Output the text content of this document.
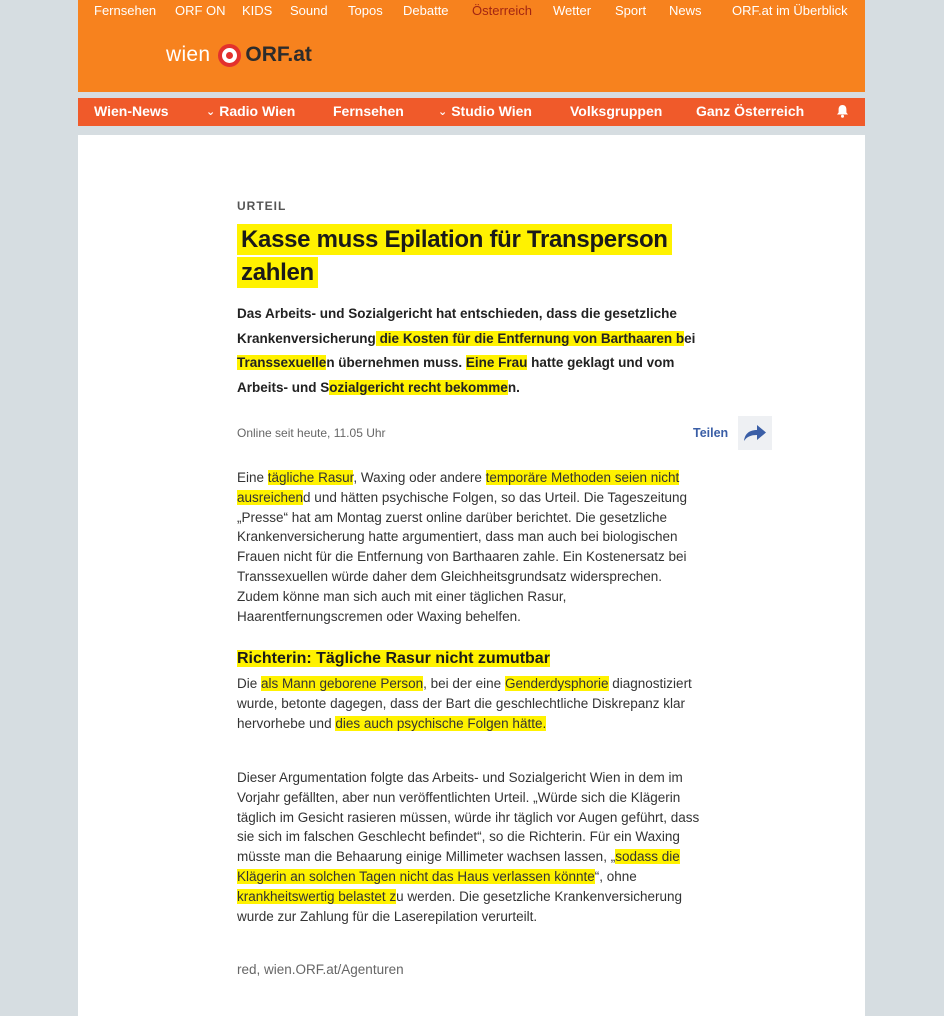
Fernsehen ORF ON KIDS Sound Topos Debatte Österreich Wetter Sport News ORF.at im Überblick
wien ORF.at
Wien-News	⌄ Radio Wien	Fernsehen	⌄ Studio Wien	Volksgruppen Ganz Österreich
URTEIL
Kasse muss Epilation für Transperson zahlen
Das Arbeits- und Sozialgericht hat entschieden, dass die gesetzliche Krankenversicherung die Kosten für die Entfernung von Barthaaren bei Transsexuellen übernehmen muss. Eine Frau hatte geklagt und vom Arbeits- und Sozialgericht recht bekommen.
Online seit heute, 11.05 Uhr	Teilen
Eine tägliche Rasur, Waxing oder andere temporäre Methoden seien nicht ausreichend und hätten psychische Folgen, so das Urteil. Die Tageszeitung „Presse“ hat am Montag zuerst online darüber berichtet. Die gesetzliche Krankenversicherung hatte argumentiert, dass man auch bei biologischen Frauen nicht für die Entfernung von Barthaaren zahle. Ein Kostenersatz bei Transsexuellen würde daher dem Gleichheitsgrundsatz widersprechen. Zudem könne man sich auch mit einer täglichen Rasur, Haarentfernungscremen oder Waxing behelfen.
Richterin: Tägliche Rasur nicht zumutbar
Die als Mann geborene Person, bei der eine Genderdysphorie diagnostiziert wurde, betonte dagegen, dass der Bart die geschlechtliche Diskrepanz klar hervorhebe und dies auch psychische Folgen hätte.
Dieser Argumentation folgte das Arbeits- und Sozialgericht Wien in dem im Vorjahr gefällten, aber nun veröffentlichten Urteil. „Würde sich die Klägerin täglich im Gesicht rasieren müssen, würde ihr täglich vor Augen geführt, dass sie sich im falschen Geschlecht befindet“, so die Richterin. Für ein Waxing müsste man die Behaarung einige Millimeter wachsen lassen, „sodass die Klägerin an solchen Tagen nicht das Haus verlassen könnte“, ohne krankheitswertig belastet zu werden. Die gesetzliche Krankenversicherung wurde zur Zahlung für die Laserepilation verurteilt.
red, wien.ORF.at/Agenturen
